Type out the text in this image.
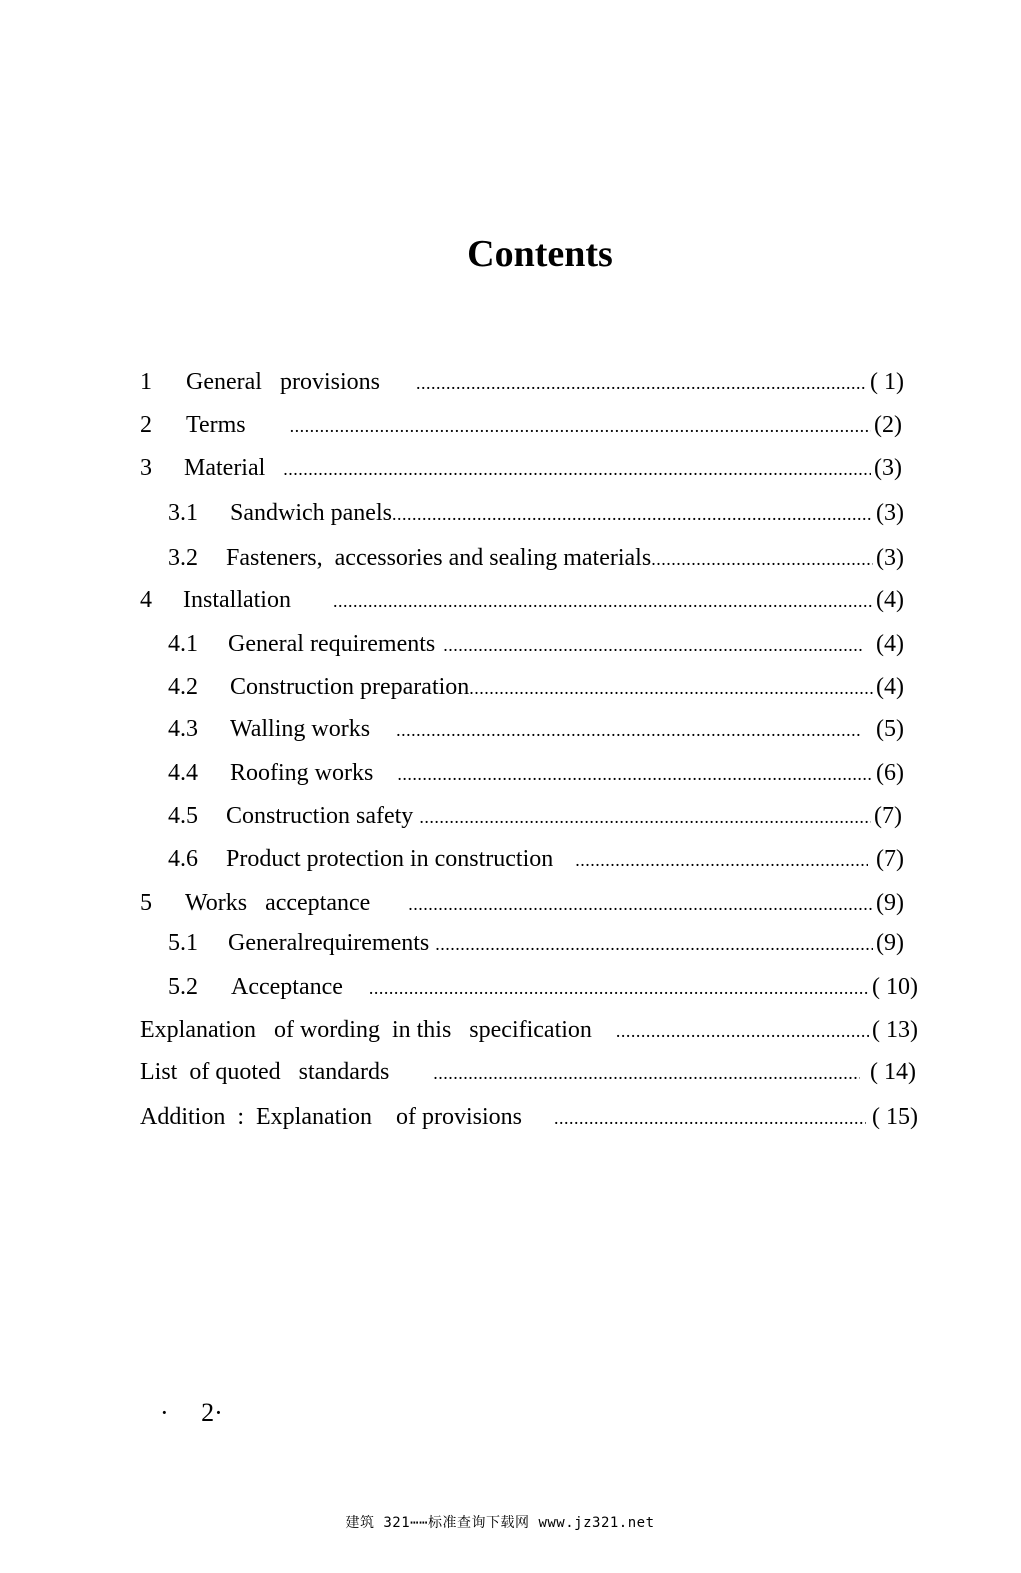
Contents
1	General   provisions .....	( 1)
2	Terms .....	(2)
3	Material .....	(3)
3.1	Sandwich panels .....	(3)
3.2	Fasteners,  accessories and sealing materials .....	(3)
4	Installation .....	(4)
4.1	General requirements .....	(4)
4.2	Construction preparation .....	(4)
4.3	Walling works .....	(5)
4.4	Roofing works .....	(6)
4.5	Construction safety .....	(7)
4.6	Product protection in construction .....	(7)
5	Works   acceptance .....	(9)
5.1	Generalrequirements .....	(9)
5.2	Acceptance .....	( 10)
Explanation   of wording  in this   specification .....	( 13)
List  of quoted   standards .....	( 14)
Addition  :  Explanation    of provisions .....	( 15)
·     2·
建筑 321⋯⋯标准查询下载网 www.jz321.net
